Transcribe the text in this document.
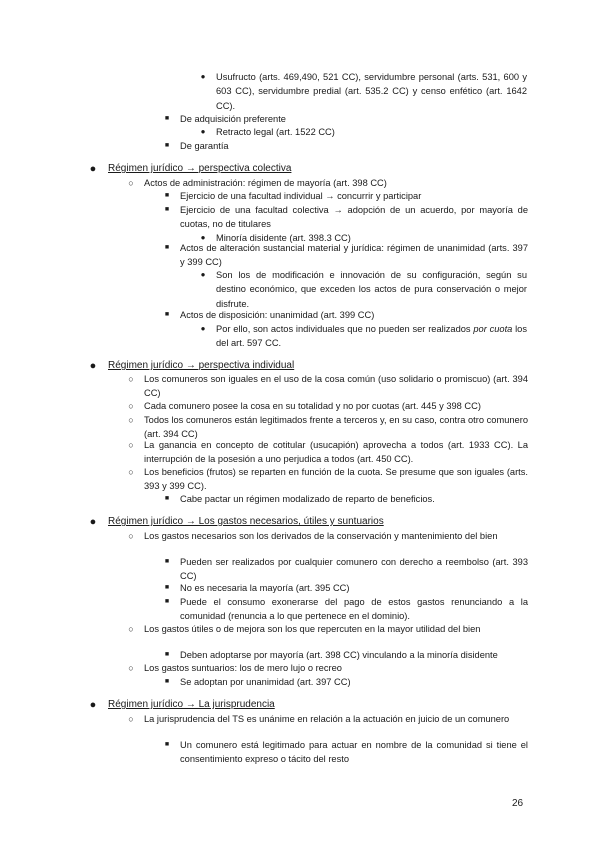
● Usufructo (arts. 469,490, 521 CC), servidumbre personal (arts. 531, 600 y 603 CC), servidumbre predial (art. 535.2 CC) y censo enfético (art. 1642 CC).
■	De adquisición preferente
● Retracto legal (art. 1522 CC)
■	De garantía
● Régimen jurídico → perspectiva colectiva
○ Actos de administración: régimen de mayoría (art. 398 CC)
■	Ejercicio de una facultad individual → concurrir y participar
■	Ejercicio de una facultad colectiva → adopción de un acuerdo, por mayoría de cuotas, no de titulares
● Minoría disidente (art. 398.3 CC)
■	Actos de alteración sustancial material y jurídica: régimen de unanimidad (arts. 397 y 399 CC)
● Son los de modificación e innovación de su configuración, según su destino económico, que exceden los actos de pura conservación o mejor disfrute.
■	Actos de disposición: unanimidad (art. 399 CC)
● Por ello, son actos individuales que no pueden ser realizados por cuota los del art. 597 CC.
● Régimen jurídico → perspectiva individual
○ Los comuneros son iguales en el uso de la cosa común (uso solidario o promiscuo) (art. 394 CC)
○ Cada comunero posee la cosa en su totalidad y no por cuotas (art. 445 y 398 CC)
○ Todos los comuneros están legitimados frente a terceros y, en su caso, contra otro comunero (art. 394 CC)
○ La ganancia en concepto de cotitular (usucapión) aprovecha a todos (art. 1933 CC). La interrupción de la posesión a uno perjudica a todos (art. 450 CC).
○ Los beneficios (frutos) se reparten en función de la cuota. Se presume que son iguales (arts. 393 y 399 CC).
■	Cabe pactar un régimen modalizado de reparto de beneficios.
● Régimen jurídico → Los gastos necesarios, útiles y suntuarios
○ Los gastos necesarios son los derivados de la conservación y mantenimiento del bien
■	Pueden ser realizados por cualquier comunero con derecho a reembolso (art. 393 CC)
■	No es necesaria la mayoría (art. 395 CC)
■	Puede el consumo exonerarse del pago de estos gastos renunciando a la comunidad (renuncia a lo que pertenece en el dominio).
○ Los gastos útiles o de mejora son los que repercuten en la mayor utilidad del bien
■	Deben adoptarse por mayoría (art. 398 CC) vinculando a la minoría disidente
○ Los gastos suntuarios: los de mero lujo o recreo
■	Se adoptan por unanimidad (art. 397 CC)
● Régimen jurídico → La jurisprudencia
○ La jurisprudencia del TS es unánime en relación a la actuación en juicio de un comunero
■	Un comunero está legitimado para actuar en nombre de la comunidad si tiene el consentimiento expreso o tácito del resto
26
